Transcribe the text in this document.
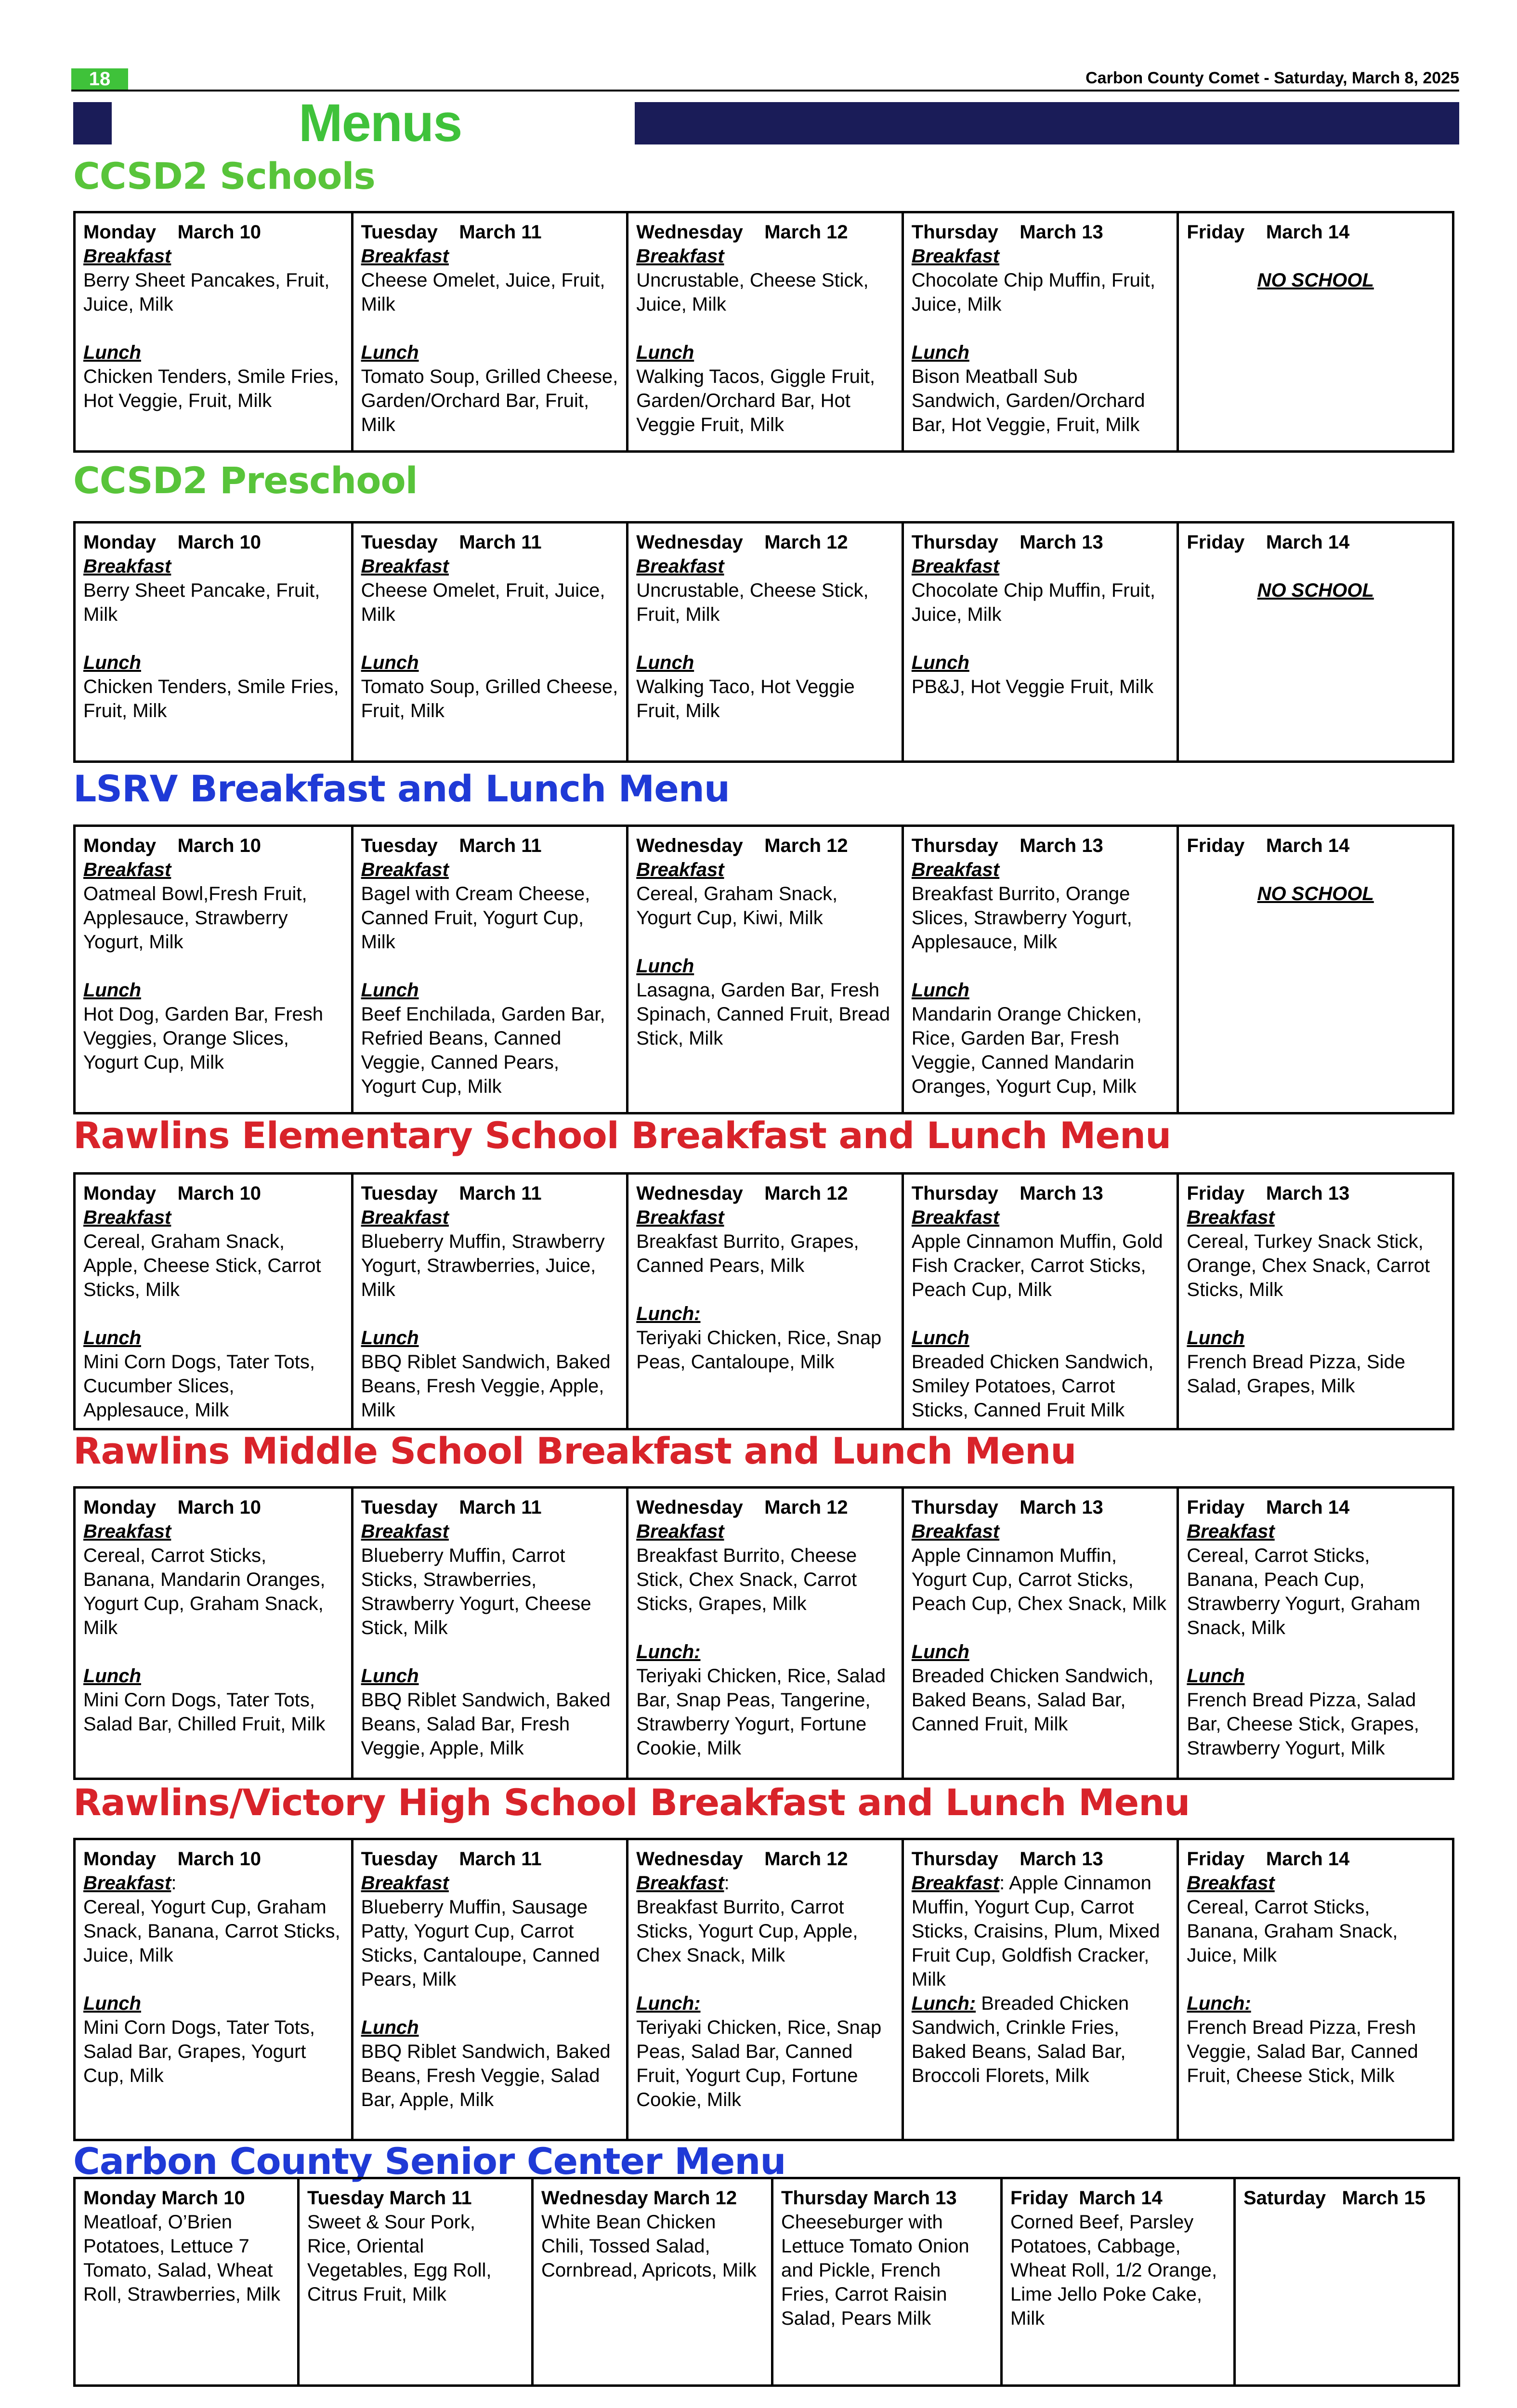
18	Carbon County Comet - Saturday, March 8, 2025
Menus
CCSD2 Schools
CCSD2 Preschool
LSRV Breakfast and Lunch Menu
Rawlins Elementary School Breakfast and Lunch Menu
Rawlins Middle School Breakfast and Lunch Menu
Rawlins/Victory High School Breakfast and Lunch Menu
Carbon County Senior Center Menu
Monday    March 10
Breakfast
Berry Sheet Pancakes, Fruit, Juice, Milk
Lunch
Chicken Tenders, Smile Fries, Hot Veggie, Fruit, Milk
Tuesday    March 11
Breakfast
Cheese Omelet, Juice, Fruit, Milk
Lunch
Tomato Soup, Grilled Cheese, Garden/Orchard Bar, Fruit, Milk
Wednesday    March 12
Breakfast
Uncrustable, Cheese Stick, Juice, Milk
Lunch
Walking Tacos, Giggle Fruit, Garden/Orchard Bar, Hot Veggie Fruit, Milk
Thursday    March 13
Breakfast
Chocolate Chip Muffin, Fruit, Juice, Milk
Lunch
Bison Meatball Sub Sandwich, Garden/Orchard Bar, Hot Veggie, Fruit, Milk
Friday    March 14
NO SCHOOL
Monday    March 10
Breakfast
Berry Sheet Pancake, Fruit, Milk
Lunch
Chicken Tenders, Smile Fries, Fruit, Milk
Tuesday    March 11
Breakfast
Cheese Omelet, Fruit, Juice, Milk
Lunch
Tomato Soup, Grilled Cheese, Fruit, Milk
Wednesday    March 12
Breakfast
Uncrustable, Cheese Stick, Fruit, Milk
Lunch
Walking Taco, Hot Veggie Fruit, Milk
Thursday    March 13
Breakfast
Chocolate Chip Muffin, Fruit, Juice, Milk
Lunch
PB&J, Hot Veggie Fruit, Milk
Friday    March 14
NO SCHOOL
Monday    March 10
Breakfast
Oatmeal Bowl,Fresh Fruit, Applesauce, Strawberry Yogurt, Milk
Lunch
Hot Dog, Garden Bar, Fresh Veggies, Orange Slices, Yogurt Cup, Milk
Tuesday    March 11
Breakfast
Bagel with Cream Cheese, Canned Fruit, Yogurt Cup, Milk
Lunch
Beef Enchilada, Garden Bar, Refried Beans, Canned Veggie, Canned Pears, Yogurt Cup, Milk
Wednesday    March 12
Breakfast
Cereal, Graham Snack, Yogurt Cup, Kiwi, Milk
Lunch
Lasagna, Garden Bar, Fresh Spinach, Canned Fruit, Bread Stick, Milk
Thursday    March 13
Breakfast
Breakfast Burrito, Orange Slices, Strawberry Yogurt, Applesauce, Milk
Lunch
Mandarin Orange Chicken, Rice, Garden Bar, Fresh Veggie, Canned Mandarin Oranges, Yogurt Cup, Milk
Friday    March 14
NO SCHOOL
Monday    March 10
Breakfast
Cereal, Graham Snack, Apple, Cheese Stick, Carrot Sticks, Milk
Lunch
Mini Corn Dogs, Tater Tots, Cucumber Slices, Applesauce, Milk
Tuesday    March 11
Breakfast
Blueberry Muffin, Strawberry Yogurt, Strawberries, Juice, Milk
Lunch
BBQ Riblet Sandwich, Baked Beans, Fresh Veggie, Apple, Milk
Wednesday    March 12
Breakfast
Breakfast Burrito, Grapes, Canned Pears, Milk
Lunch:
Teriyaki Chicken, Rice, Snap Peas, Cantaloupe, Milk
Thursday    March 13
Breakfast
Apple Cinnamon Muffin, Gold Fish Cracker, Carrot Sticks, Peach Cup, Milk
Lunch
Breaded Chicken Sandwich, Smiley Potatoes, Carrot Sticks, Canned Fruit Milk
Friday    March 13
Breakfast
Cereal, Turkey Snack Stick, Orange, Chex Snack, Carrot Sticks, Milk
Lunch
French Bread Pizza, Side Salad, Grapes, Milk
Monday    March 10
Breakfast
Cereal, Carrot Sticks, Banana, Mandarin Oranges, Yogurt Cup, Graham Snack, Milk
Lunch
Mini Corn Dogs, Tater Tots, Salad Bar, Chilled Fruit, Milk
Tuesday    March 11
Breakfast
Blueberry Muffin, Carrot Sticks, Strawberries, Strawberry Yogurt, Cheese Stick, Milk
Lunch
BBQ Riblet Sandwich, Baked Beans, Salad Bar, Fresh Veggie, Apple, Milk
Wednesday    March 12
Breakfast
Breakfast Burrito, Cheese Stick, Chex Snack, Carrot Sticks, Grapes, Milk
Lunch:
Teriyaki Chicken, Rice, Salad Bar, Snap Peas, Tangerine, Strawberry Yogurt, Fortune Cookie, Milk
Thursday    March 13
Breakfast
Apple Cinnamon Muffin, Yogurt Cup, Carrot Sticks, Peach Cup, Chex Snack, Milk
Lunch
Breaded Chicken Sandwich, Baked Beans, Salad Bar, Canned Fruit, Milk
Friday    March 14
Breakfast
Cereal, Carrot Sticks, Banana, Peach Cup, Strawberry Yogurt, Graham Snack, Milk
Lunch
French Bread Pizza, Salad Bar, Cheese Stick, Grapes, Strawberry Yogurt, Milk
Monday    March 10
Breakfast:
Cereal, Yogurt Cup, Graham Snack, Banana, Carrot Sticks, Juice, Milk
Lunch
Mini Corn Dogs, Tater Tots, Salad Bar, Grapes, Yogurt Cup, Milk
Tuesday    March 11
Breakfast
Blueberry Muffin, Sausage Patty, Yogurt Cup, Carrot Sticks, Cantaloupe, Canned Pears, Milk
Lunch
BBQ Riblet Sandwich, Baked Beans, Fresh Veggie, Salad Bar, Apple, Milk
Wednesday    March 12
Breakfast:
Breakfast Burrito, Carrot Sticks, Yogurt Cup, Apple, Chex Snack, Milk
Lunch:
Teriyaki Chicken, Rice, Snap Peas, Salad Bar, Canned Fruit, Yogurt Cup, Fortune Cookie, Milk
Thursday    March 13
Breakfast: Apple Cinnamon Muffin, Yogurt Cup, Carrot Sticks, Craisins, Plum, Mixed Fruit Cup, Goldfish Cracker, Milk
Lunch: Breaded Chicken Sandwich, Crinkle Fries, Baked Beans, Salad Bar, Broccoli Florets, Milk
Friday    March 14
Breakfast
Cereal, Carrot Sticks, Banana, Graham Snack, Juice, Milk
Lunch:
French Bread Pizza, Fresh Veggie, Salad Bar, Canned Fruit, Cheese Stick, Milk
Monday March 10
Meatloaf, O’Brien Potatoes, Lettuce 7 Tomato, Salad, Wheat Roll, Strawberries, Milk
Tuesday March 11
Sweet & Sour Pork, Rice, Oriental Vegetables, Egg Roll, Citrus Fruit, Milk
Wednesday March 12
White Bean Chicken Chili, Tossed Salad, Cornbread, Apricots, Milk
Thursday March 13
Cheeseburger with Lettuce Tomato Onion and Pickle, French Fries, Carrot Raisin Salad, Pears Milk
Friday  March 14
Corned Beef, Parsley Potatoes, Cabbage, Wheat Roll, 1/2 Orange, Lime Jello Poke Cake, Milk
Saturday   March 15
